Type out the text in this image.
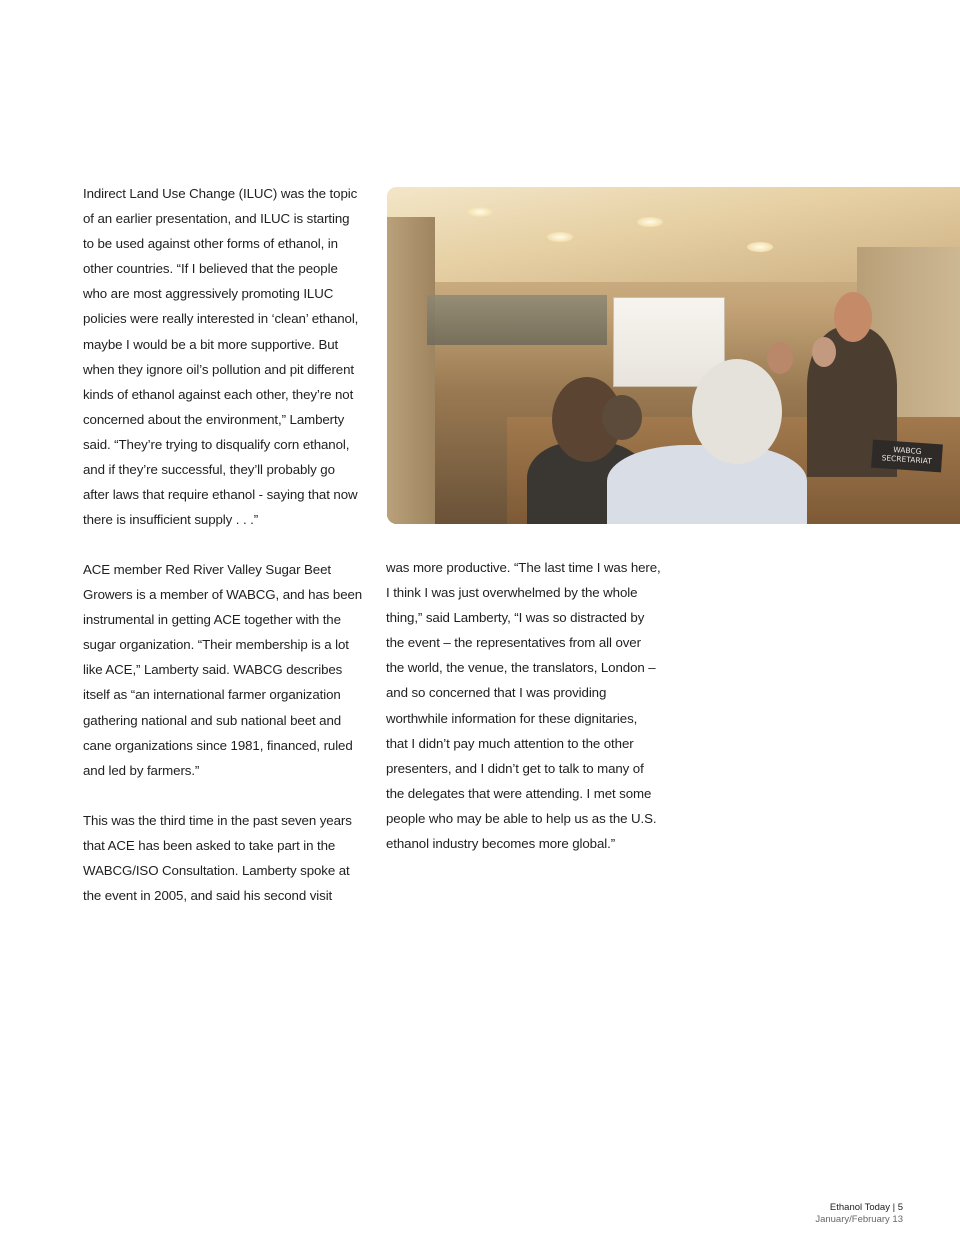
Indirect Land Use Change (ILUC) was the topic of an earlier presentation, and ILUC is starting to be used against other forms of ethanol, in other countries. “If I believed that the people who are most aggressively promoting ILUC policies were really interested in ‘clean’ ethanol, maybe I would be a bit more supportive. But when they ignore oil’s pollution and pit different kinds of ethanol against each other, they’re not concerned about the environment,” Lamberty said. “They’re trying to disqualify corn ethanol, and if they’re successful, they’ll probably go after laws that require ethanol - saying that now there is insufficient supply . . .”

WABCG SECRETARIAT

ACE member Red River Valley Sugar Beet Growers is a member of WABCG, and has been instrumental in getting ACE together with the sugar organization. “Their membership is a lot like ACE,” Lamberty said. WABCG describes itself as “an international farmer organization gathering national and sub national beet and cane organizations since 1981, financed, ruled and led by farmers.”

This was the third time in the past seven years that ACE has been asked to take part in the WABCG/ISO Consultation. Lamberty spoke at the event in 2005, and said his second visit

was more productive. “The last time I was here, I think I was just overwhelmed by the whole thing,” said Lamberty, “I was so distracted by the event – the representatives from all over the world, the venue, the translators, London – and so concerned that I was providing worthwhile information for these dignitaries, that I didn’t pay much attention to the other presenters, and I didn’t get to talk to many of the delegates that were attending. I met some people who may be able to help us as the U.S. ethanol industry becomes more global.”

Ethanol Today | 5
January/February 13
